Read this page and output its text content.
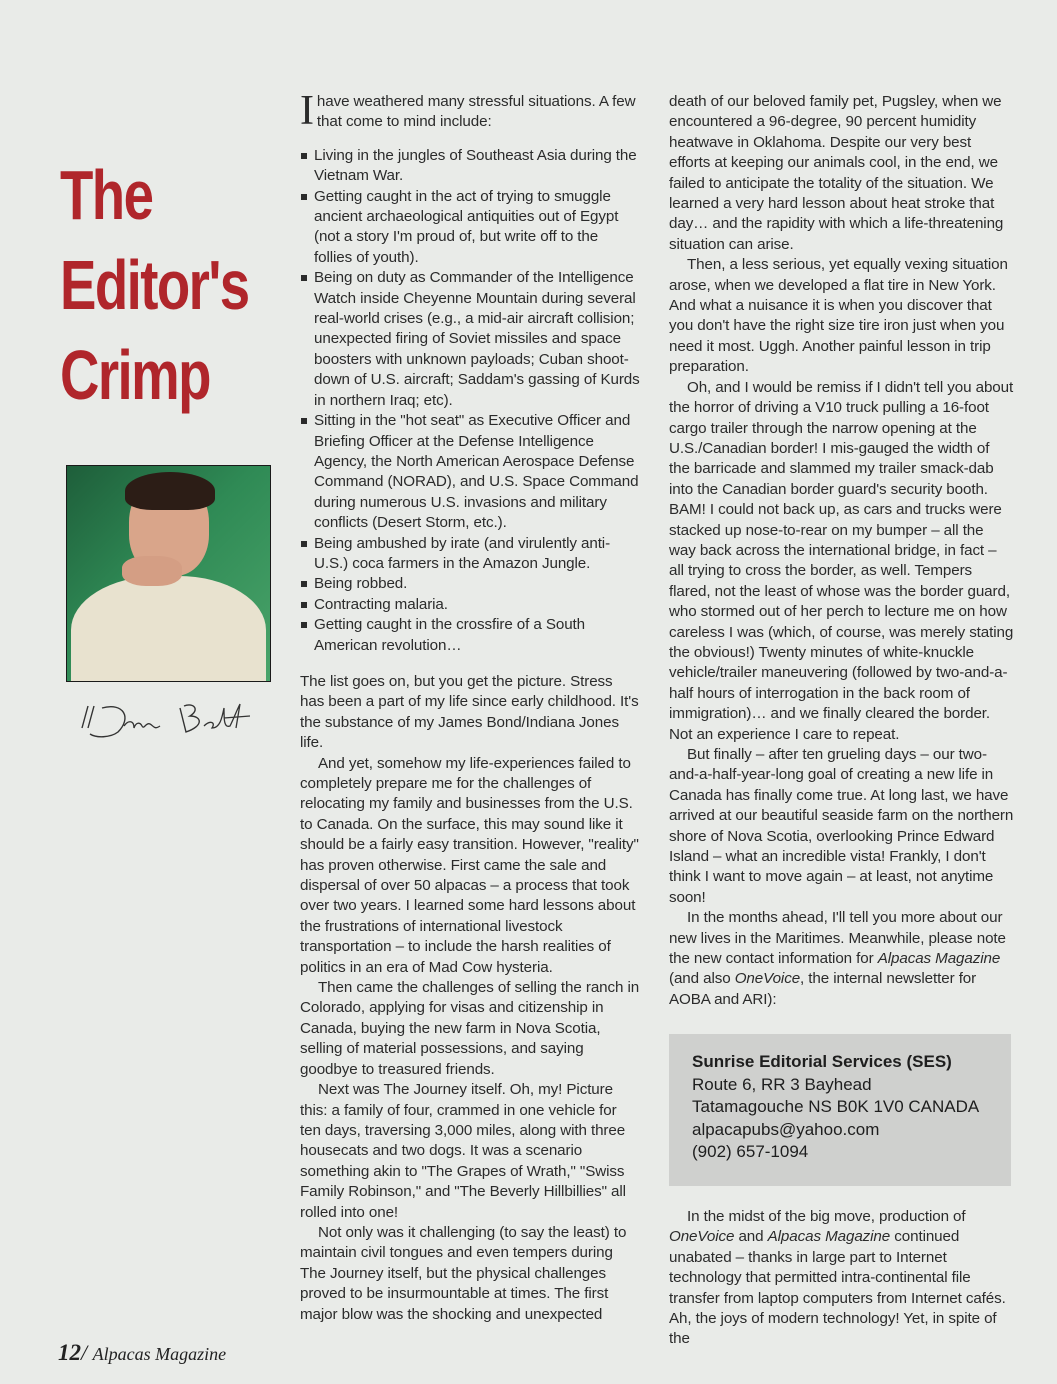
The
Editor's
Crimp
Ihave weathered many stressful situations. A few that come to mind include:
Living in the jungles of Southeast Asia during the Vietnam War.
Getting caught in the act of trying to smuggle ancient archaeological antiquities out of Egypt (not a story I'm proud of, but write off to the follies of youth).
Being on duty as Commander of the Intelligence Watch inside Cheyenne Mountain during several real-world crises (e.g., a mid-air aircraft collision; unexpected firing of Soviet missiles and space boosters with unknown payloads; Cuban shoot-down of U.S. aircraft; Saddam's gassing of Kurds in northern Iraq; etc).
Sitting in the "hot seat" as Executive Officer and Briefing Officer at the Defense Intelligence Agency, the North American Aerospace Defense Command (NORAD), and U.S. Space Command during numerous U.S. invasions and military conflicts (Desert Storm, etc.).
Being ambushed by irate (and virulently anti-U.S.) coca farmers in the Amazon Jungle.
Being robbed.
Contracting malaria.
Getting caught in the crossfire of a South American revolution…

The list goes on, but you get the picture. Stress has been a part of my life since early childhood. It's the substance of my James Bond/Indiana Jones life.

And yet, somehow my life-experiences failed to completely prepare me for the challenges of relocating my family and businesses from the U.S. to Canada. On the surface, this may sound like it should be a fairly easy transition. However, "reality" has proven otherwise. First came the sale and dispersal of over 50 alpacas – a process that took over two years. I learned some hard lessons about the frustrations of international livestock transportation – to include the harsh realities of politics in an era of Mad Cow hysteria.

Then came the challenges of selling the ranch in Colorado, applying for visas and citizenship in Canada, buying the new farm in Nova Scotia, selling of material possessions, and saying goodbye to treasured friends.

Next was The Journey itself. Oh, my! Picture this: a family of four, crammed in one vehicle for ten days, traversing 3,000 miles, along with three housecats and two dogs. It was a scenario something akin to "The Grapes of Wrath," "Swiss Family Robinson," and "The Beverly Hillbillies" all rolled into one!

Not only was it challenging (to say the least) to maintain civil tongues and even tempers during The Journey itself, but the physical challenges proved to be insurmountable at times. The first major blow was the shocking and unexpected

death of our beloved family pet, Pugsley, when we encountered a 96-degree, 90 percent humidity heatwave in Oklahoma. Despite our very best efforts at keeping our animals cool, in the end, we failed to anticipate the totality of the situation. We learned a very hard lesson about heat stroke that day… and the rapidity with which a life-threatening situation can arise.

Then, a less serious, yet equally vexing situation arose, when we developed a flat tire in New York. And what a nuisance it is when you discover that you don't have the right size tire iron just when you need it most. Uggh. Another painful lesson in trip preparation.

Oh, and I would be remiss if I didn't tell you about the horror of driving a V10 truck pulling a 16-foot cargo trailer through the narrow opening at the U.S./Canadian border! I mis-gauged the width of the barricade and slammed my trailer smack-dab into the Canadian border guard's security booth. BAM! I could not back up, as cars and trucks were stacked up nose-to-rear on my bumper – all the way back across the international bridge, in fact – all trying to cross the border, as well. Tempers flared, not the least of whose was the border guard, who stormed out of her perch to lecture me on how careless I was (which, of course, was merely stating the obvious!) Twenty minutes of white-knuckle vehicle/trailer maneuvering (followed by two-and-a-half hours of interrogation in the back room of immigration)… and we finally cleared the border. Not an experience I care to repeat.

But finally – after ten grueling days – our two-and-a-half-year-long goal of creating a new life in Canada has finally come true. At long last, we have arrived at our beautiful seaside farm on the northern shore of Nova Scotia, overlooking Prince Edward Island – what an incredible vista! Frankly, I don't think I want to move again – at least, not anytime soon!

In the months ahead, I'll tell you more about our new lives in the Maritimes. Meanwhile, please note the new contact information for Alpacas Magazine (and also OneVoice, the internal newsletter for AOBA and ARI):

Sunrise Editorial Services (SES)
Route 6, RR 3 Bayhead
Tatamagouche NS B0K 1V0 CANADA
alpacapubs@yahoo.com
(902) 657-1094

In the midst of the big move, production of OneVoice and Alpacas Magazine continued unabated – thanks in large part to Internet technology that permitted intra-continental file transfer from laptop computers from Internet cafés. Ah, the joys of modern technology! Yet, in spite of the

12/ Alpacas Magazine
